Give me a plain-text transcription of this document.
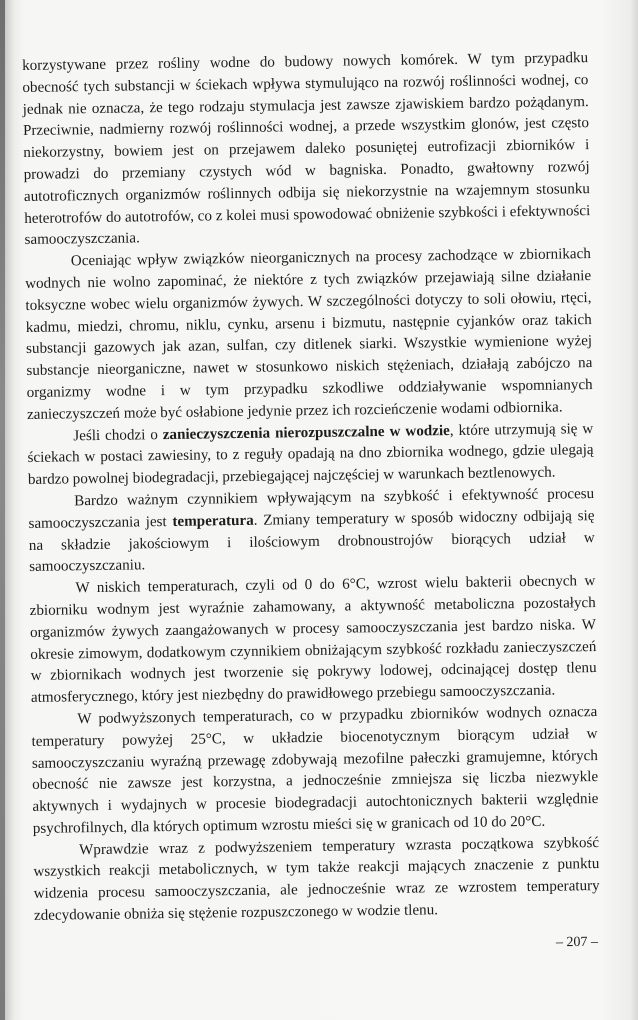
korzystywane przez rośliny wodne do budowy nowych komórek. W tym przypadku obecność tych substancji w ściekach wpływa stymulująco na rozwój roślinności wodnej, co jednak nie oznacza, że tego rodzaju stymulacja jest zawsze zjawiskiem bardzo pożądanym. Przeciwnie, nadmierny rozwój roślinności wodnej, a przede wszystkim glonów, jest często niekorzystny, bowiem jest on przejawem daleko posuniętej eutrofizacji zbiorników i prowadzi do przemiany czystych wód w bagniska. Ponadto, gwałtowny rozwój autotroficznych organizmów roślinnych odbija się niekorzystnie na wzajemnym stosunku heterotrofów do autotrofów, co z kolei musi spowodować obniżenie szybkości i efektywności samooczyszczania.

Oceniając wpływ związków nieorganicznych na procesy zachodzące w zbiornikach wodnych nie wolno zapominać, że niektóre z tych związków przejawiają silne działanie toksyczne wobec wielu organizmów żywych. W szczególności dotyczy to soli ołowiu, rtęci, kadmu, miedzi, chromu, niklu, cynku, arsenu i bizmutu, następnie cyjanków oraz takich substancji gazowych jak azan, sulfan, czy ditlenek siarki. Wszystkie wymienione wyżej substancje nieorganiczne, nawet w stosunkowo niskich stężeniach, działają zabójczo na organizmy wodne i w tym przypadku szkodliwe oddziaływanie wspomnianych zanieczyszczeń może być osłabione jedynie przez ich rozcieńczenie wodami odbiornika.

Jeśli chodzi o zanieczyszczenia nierozpuszczalne w wodzie, które utrzymują się w ściekach w postaci zawiesiny, to z reguły opadają na dno zbiornika wodnego, gdzie ulegają bardzo powolnej biodegradacji, przebiegającej najczęściej w warunkach beztlenowych.

Bardzo ważnym czynnikiem wpływającym na szybkość i efektywność procesu samooczyszczania jest temperatura. Zmiany temperatury w sposób widoczny odbijają się na składzie jakościowym i ilościowym drobnoustrojów biorących udział w samooczyszczaniu.

W niskich temperaturach, czyli od 0 do 6°C, wzrost wielu bakterii obecnych w zbiorniku wodnym jest wyraźnie zahamowany, a aktywność metaboliczna pozostałych organizmów żywych zaangażowanych w procesy samooczyszczania jest bardzo niska. W okresie zimowym, dodatkowym czynnikiem obniżającym szybkość rozkładu zanieczyszczeń w zbiornikach wodnych jest tworzenie się pokrywy lodowej, odcinającej dostęp tlenu atmosferycznego, który jest niezbędny do prawidłowego przebiegu samooczyszczania.

W podwyższonych temperaturach, co w przypadku zbiorników wodnych oznacza temperatury powyżej 25°C, w układzie biocenotycznym biorącym udział w samooczyszczaniu wyraźną przewagę zdobywają mezofilne pałeczki gramujemne, których obecność nie zawsze jest korzystna, a jednocześnie zmniejsza się liczba niezwykle aktywnych i wydajnych w procesie biodegradacji autochtonicznych bakterii względnie psychrofilnych, dla których optimum wzrostu mieści się w granicach od 10 do 20°C.

Wprawdzie wraz z podwyższeniem temperatury wzrasta początkowa szybkość wszystkich reakcji metabolicznych, w tym także reakcji mających znaczenie z punktu widzenia procesu samooczyszczania, ale jednocześnie wraz ze wzrostem temperatury zdecydowanie obniża się stężenie rozpuszczonego w wodzie tlenu.

– 207 –
